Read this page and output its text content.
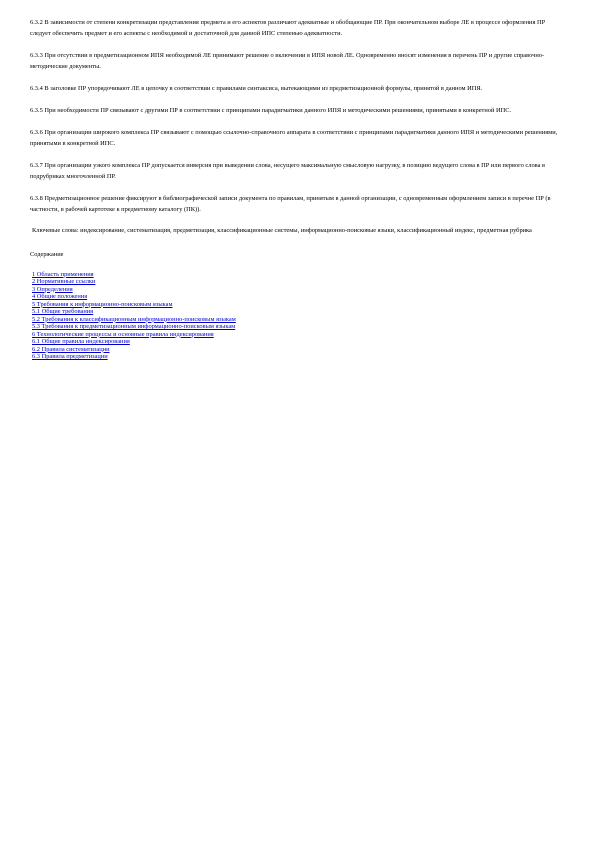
6.3.2 В зависимости от степени конкретизации представления предмета и его аспектов различают адекватные и обобщающие ПР. При окончательном выборе ЛЕ в процессе оформления ПР следует обеспечить предмет и его аспекты с необходимой и достаточной для данной ИПС степенью адекватности.

6.3.3 При отсутствии в предметизационном ИПЯ необходимой ЛЕ принимают решение о включении в ИПЯ новой ЛЕ. Одновременно вносят изменения в перечень ПР и другие справочно-методические документы.

6.3.4 В заголовке ПР упорядочивают ЛЕ в цепочку в соответствии с правилами синтаксиса, вытекающими из предметизационной формулы, принятой в данном ИПЯ.

6.3.5 При необходимости ПР связывают с другими ПР в соответствии с принципами парадигматики данного ИПЯ и методическими решениями, принятыми в конкретной ИПС.

6.3.6 При организации широкого комплекса ПР связывают с помощью ссылочно-справочного аппарата в соответствии с принципами парадигматики данного ИПЯ и методическими решениями, принятыми в конкретной ИПС.

6.3.7 При организации узкого комплекса ПР допускается инверсия при выведении слова, несущего максимальную смысловую нагрузку, в позицию ведущего слова в ПР или первого слова в подрубриках многочленной ПР.

6.3.8 Предметизационное решение фиксируют в библиографической записи документа по правилам, принятым в данной организации, с одновременным оформлением записи в перечне ПР (в частности, в рабочей картотеке к предметному каталогу (ПК)).

Ключевые слова: индексирование, систематизация, предметизация, классификационные системы, информационно-поисковые языки, классификационный индекс, предметная рубрика

Содержание

1 Область применения
2 Нормативные ссылки
3 Определения
4 Общие положения
5 Требования к информационно-поисковым языкам
5.1 Общие требования
5.2 Требования к классификационным информационно-поисковым языкам
5.3 Требования к предметизационным информационно-поисковым языкам
6 Технологические процессы и основные правила индексирования
6.1 Общие правила индексирования
6.2 Правила систематизации
6.3 Правила предметизации
